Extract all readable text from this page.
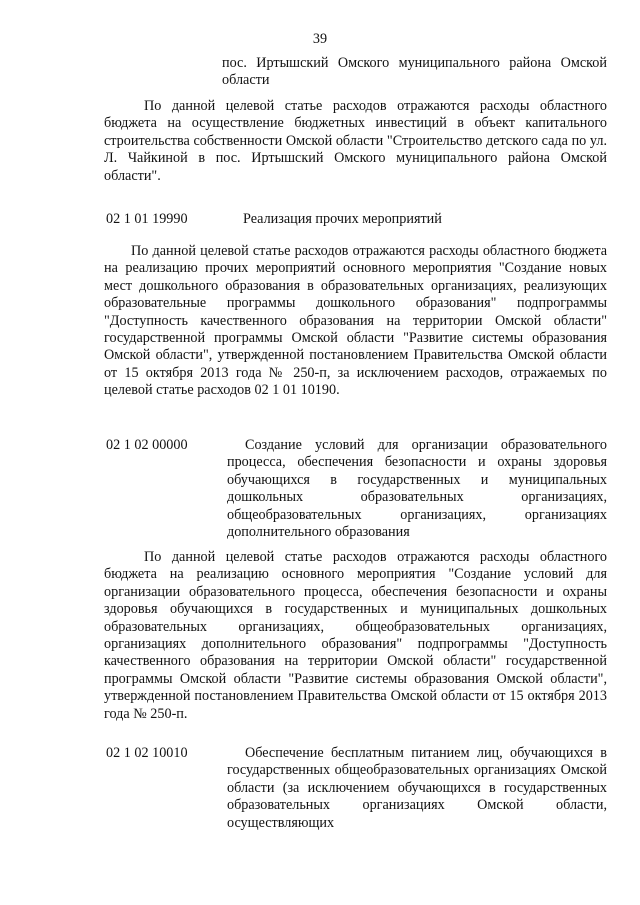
39

пос. Иртышский Омского муниципального района Омской области

По данной целевой статье расходов отражаются расходы областного бюджета на осуществление бюджетных инвестиций в объект капитального строительства собственности Омской области "Строительство детского сада по ул. Л. Чайкиной в пос. Иртышский Омского муниципального района Омской области".

02 1 01 19990	Реализация прочих мероприятий

По данной целевой статье расходов отражаются расходы областного бюджета на реализацию прочих мероприятий основного мероприятия "Создание новых мест дошкольного образования в образовательных организациях, реализующих образовательные программы дошкольного образования" подпрограммы "Доступность качественного образования на территории Омской области" государственной программы Омской области "Развитие системы образования Омской области", утвержденной постановлением Правительства Омской области от 15 октября 2013 года № 250-п, за исключением расходов, отражаемых по целевой статье расходов 02 1 01 10190.

02 1 02 00000	Создание условий для организации образовательного процесса, обеспечения безопасности и охраны здоровья обучающихся в государственных и муниципальных дошкольных образовательных организациях, общеобразовательных организациях, организациях дополнительного образования

По данной целевой статье расходов отражаются расходы областного бюджета на реализацию основного мероприятия "Создание условий для организации образовательного процесса, обеспечения безопасности и охраны здоровья обучающихся в государственных и муниципальных дошкольных образовательных организациях, общеобразовательных организациях, организациях дополнительного образования" подпрограммы "Доступность качественного образования на территории Омской области" государственной программы Омской области "Развитие системы образования Омской области", утвержденной постановлением Правительства Омской области от 15 октября 2013 года № 250-п.

02 1 02 10010	Обеспечение бесплатным питанием лиц, обучающихся в государственных общеобразовательных организациях Омской области (за исключением обучающихся в государственных образовательных организациях Омской области, осуществляющих
